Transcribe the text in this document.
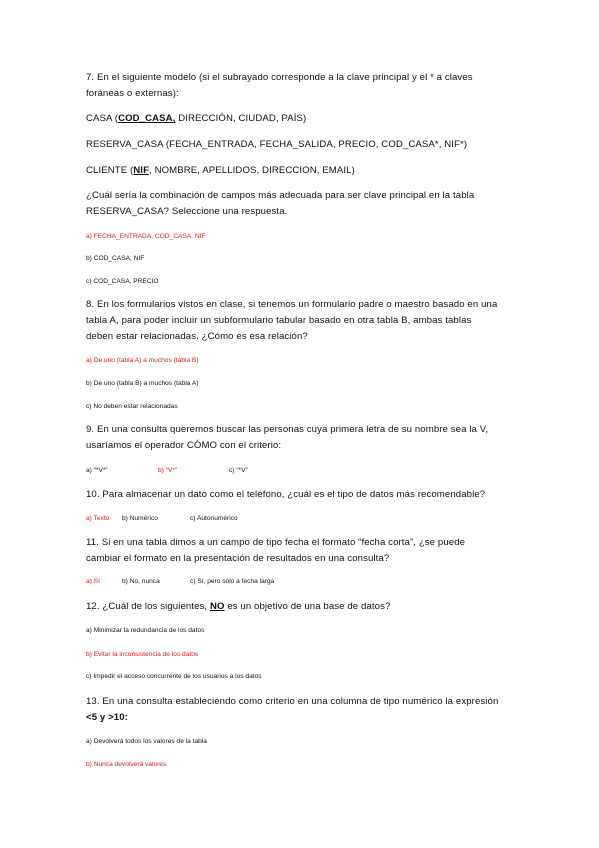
7. En el siguiente modelo (si el subrayado corresponde a la clave principal y el * a claves
foráneas o externas):
CASA (COD_CASA, DIRECCIÓN, CIUDAD, PAÍS)
RESERVA_CASA (FECHA_ENTRADA, FECHA_SALIDA, PRECIO, COD_CASA*, NIF*)
CLIENTE (NIF, NOMBRE, APELLIDOS, DIRECCION, EMAIL)
¿Cuál sería la combinación de campos más adecuada para ser clave principal en la tabla
RESERVA_CASA? Seleccione una respuesta.
a) FECHA_ENTRADA, COD_CASA, NIF
b) COD_CASA, NIF
c) COD_CASA, PRECIO
8. En los formularios vistos en clase, si tenemos un formulario padre o maestro basado en una
tabla A, para poder incluir un subformulario tabular basado en otra tabla B, ambas tablas
deben estar relacionadas. ¿Cómo es esa relación?
a) De uno (tabla A) a muchos (tabla B)
b) De uno (tabla B) a muchos (tabla A)
c) No deben estar relacionadas
9. En una consulta queremos buscar las personas cuya primera letra de su nombre sea la V,
usaríamos el operador CÓMO con el criterio:
a) “*V*”	b) “V*”	c) “*V”
10. Para almacenar un dato como el teléfono, ¿cuál es el tipo de datos más recomendable?
a) Texto b) Numérico	c) Autonumérico
11. Si en una tabla dimos a un campo de tipo fecha el formato “fecha corta”, ¿se puede
cambiar el formato en la presentación de resultados en una consulta?
a) Sí	b) No, nunca	c) Sí, pero sólo a fecha larga
12. ¿Cuál de los siguientes, NO es un objetivo de una base de datos?
a) Minimizar la redundancia de los datos
b) Evitar la inconsistencia de los datos
c) Impedir el acceso concurrente de los usuarios a los datos
13. En una consulta estableciendo como criterio en una columna de tipo numérico la expresión
<5 y >10:
a) Devolverá todos los valores de la tabla
b) Nunca devolverá valores
